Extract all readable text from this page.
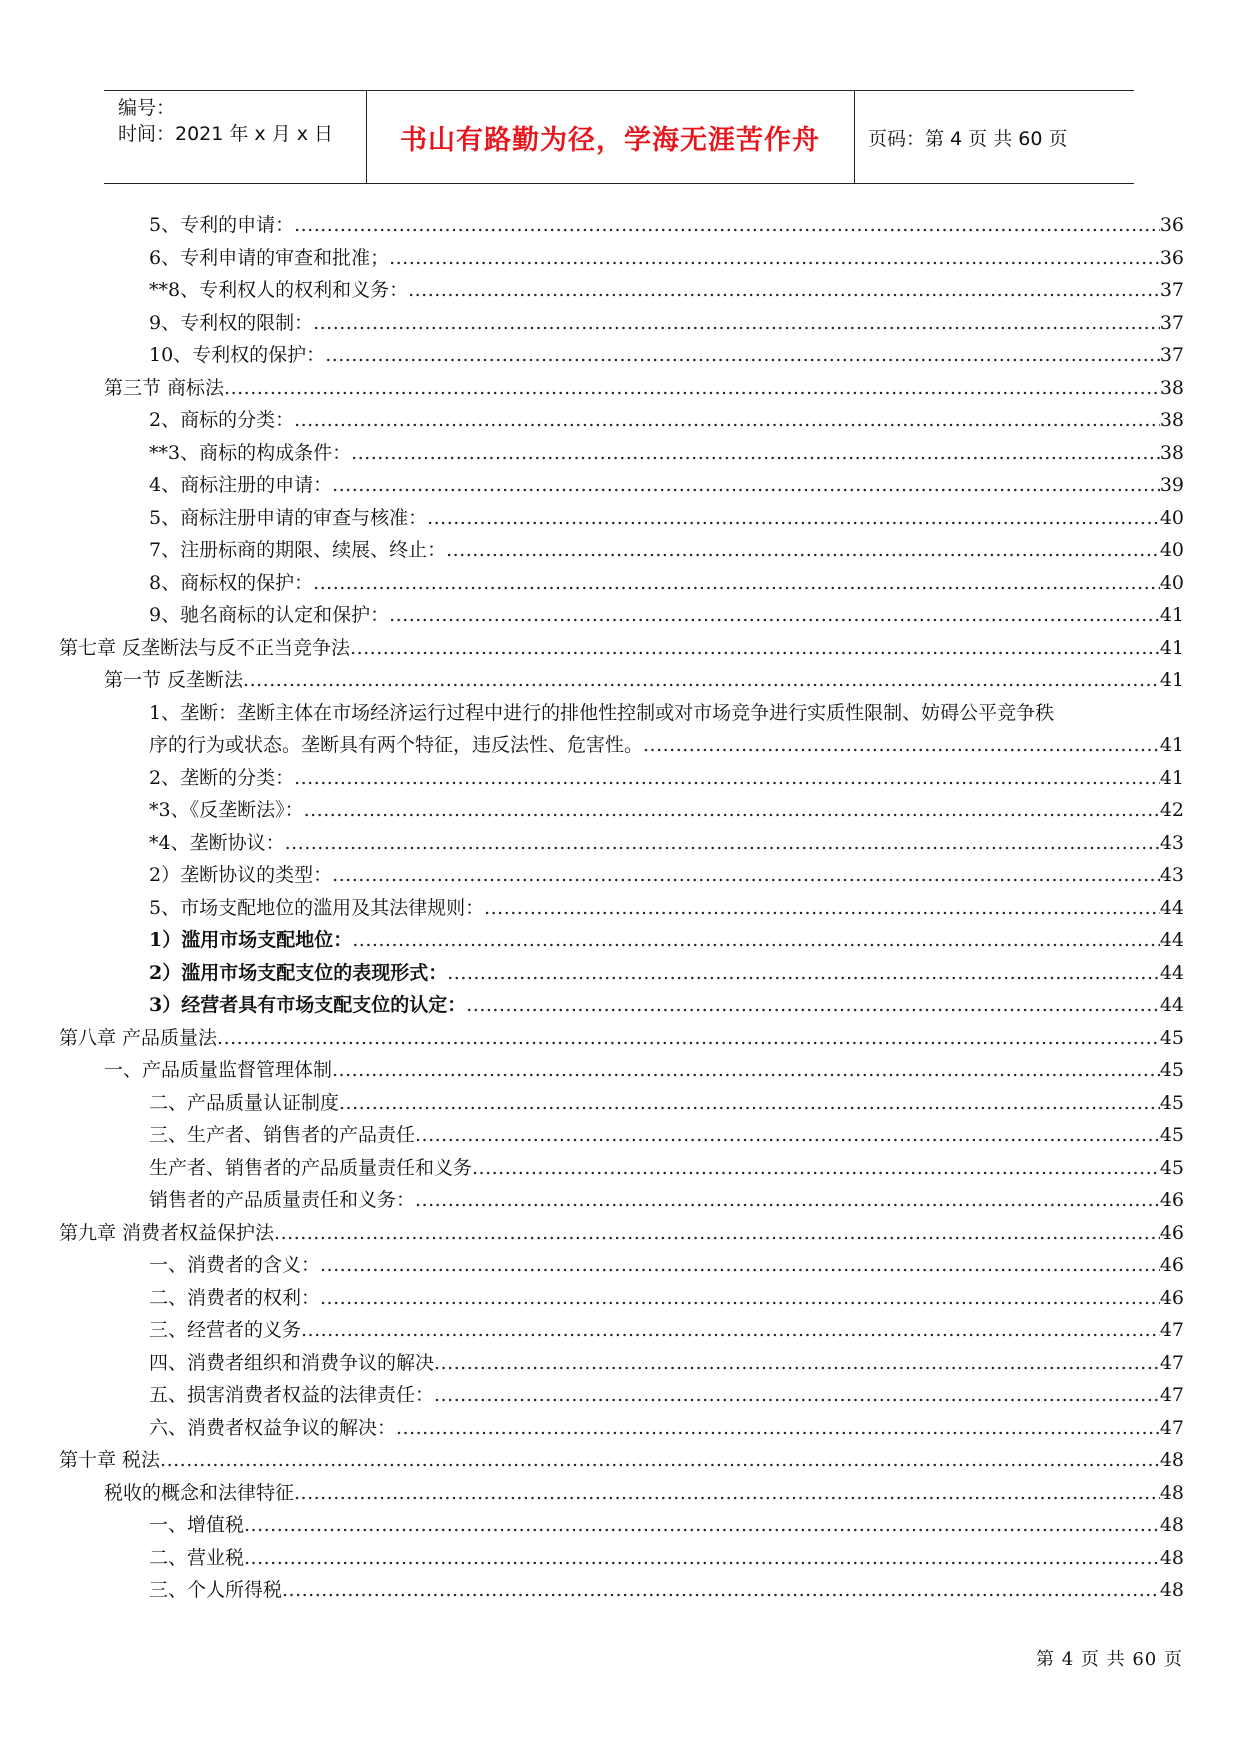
编号：
时间：2021 年 x 月 x 日	书山有路勤为径，学海无涯苦作舟	页码：第 4 页 共 60 页
5、专利的申请： .....	36
6、专利申请的审查和批准； .....	36
**8、专利权人的权利和义务： .....	37
9、专利权的限制： .....	37
10、专利权的保护： .....	37
第三节 商标法 .....	38
2、商标的分类： .....	38
**3、商标的构成条件： .....	38
4、商标注册的申请： .....	39
5、商标注册申请的审查与核准： .....	40
7、注册标商的期限、续展、终止： .....	40
8、商标权的保护： .....	40
9、驰名商标的认定和保护： .....	41
第七章 反垄断法与反不正当竞争法 .....	41
第一节 反垄断法 .....	41
1、垄断：垄断主体在市场经济运行过程中进行的排他性控制或对市场竞争进行实质性限制、妨碍公平竞争秩
序的行为或状态。垄断具有两个特征，违反法性、危害性。 .....	41
2、垄断的分类： .....	41
*3、《反垄断法》： .....	42
*4、垄断协议： .....	43
2）垄断协议的类型： .....	43
5、市场支配地位的滥用及其法律规则： .....	44
1）滥用市场支配地位： .....	44
2）滥用市场支配支位的表现形式： .....	44
3）经营者具有市场支配支位的认定： .....	44
第八章 产品质量法 .....	45
一、产品质量监督管理体制 .....	45
二、产品质量认证制度 .....	45
三、生产者、销售者的产品责任 .....	45
生产者、销售者的产品质量责任和义务 .....	45
销售者的产品质量责任和义务： .....	46
第九章 消费者权益保护法 .....	46
一、消费者的含义： .....	46
二、消费者的权利： .....	46
三、经营者的义务 .....	47
四、消费者组织和消费争议的解决 .....	47
五、损害消费者权益的法律责任： .....	47
六、消费者权益争议的解决： .....	47
第十章 税法 .....	48
税收的概念和法律特征 .....	48
一、增值税 .....	48
二、营业税 .....	48
三、个人所得税 .....	48
第 4 页 共 60 页
